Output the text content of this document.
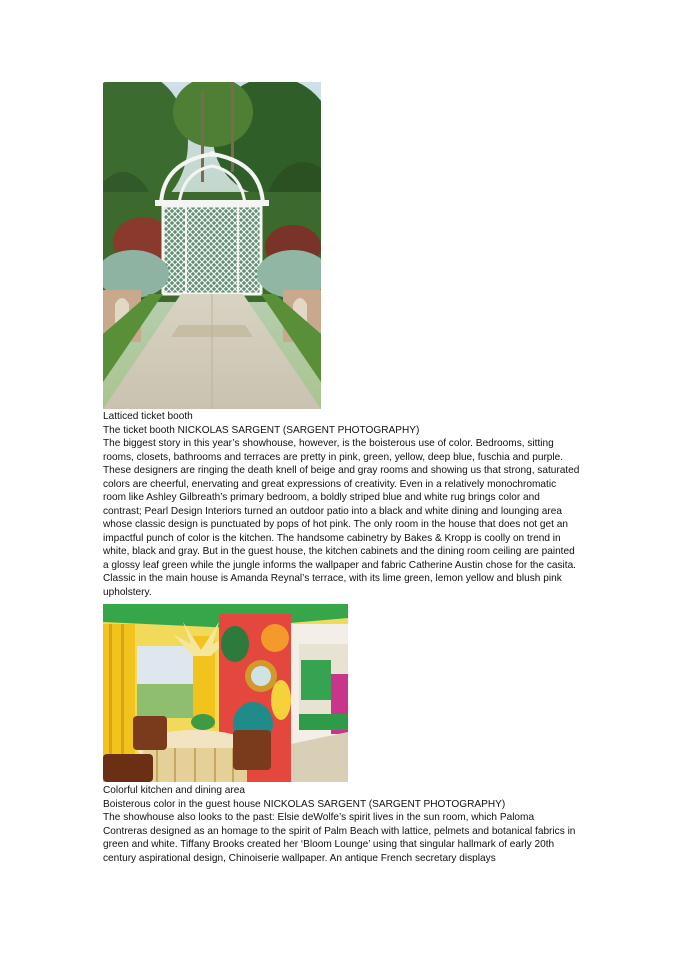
Latticed ticket booth
The ticket booth NICKOLAS SARGENT (SARGENT PHOTOGRAPHY)

The biggest story in this year’s showhouse, however, is the boisterous use of color. Bedrooms, sitting rooms, closets, bathrooms and terraces are pretty in pink, green, yellow, deep blue, fuschia and purple. These designers are ringing the death knell of beige and gray rooms and showing us that strong, saturated colors are cheerful, enervating and great expressions of creativity. Even in a relatively monochromatic room like Ashley Gilbreath’s primary bedroom, a boldly striped blue and white rug brings color and contrast; Pearl Design Interiors turned an outdoor patio into a black and white dining and lounging area whose classic design is punctuated by pops of hot pink. The only room in the house that does not get an impactful punch of color is the kitchen. The handsome cabinetry by Bakes & Kropp is coolly on trend in white, black and gray. But in the guest house, the kitchen cabinets and the dining room ceiling are painted a glossy leaf green while the jungle informs the wallpaper and fabric Catherine Austin chose for the casita. Classic in the main house is Amanda Reynal’s terrace, with its lime green, lemon yellow and blush pink upholstery.

Colorful kitchen and dining area
Boisterous color in the guest house NICKOLAS SARGENT (SARGENT PHOTOGRAPHY)

The showhouse also looks to the past: Elsie deWolfe’s spirit lives in the sun room, which Paloma Contreras designed as an homage to the spirit of Palm Beach with lattice, pelmets and botanical fabrics in green and white. Tiffany Brooks created her ‘Bloom Lounge’ using that singular hallmark of early 20th century aspirational design, Chinoiserie wallpaper. An antique French secretary displays
